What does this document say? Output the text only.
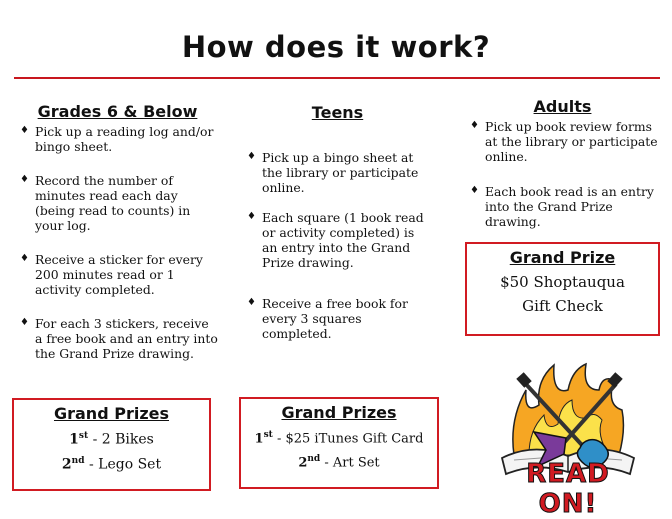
How does it work?
Grades 6 & Below
♦ Pick up a reading log and/or bingo sheet.
♦ Record the number of minutes read each day (being read to counts) in your log.
♦ Receive a sticker for every 200 minutes read or 1 activity completed.
♦ For each 3 stickers, receive a free book and an entry into the Grand Prize drawing.
Teens
♦ Pick up a bingo sheet at the library or participate online.
♦ Each square (1 book read or activity completed) is an entry into the Grand Prize drawing.
♦ Receive a free book for every 3 squares completed.
Adults
♦ Pick up book review forms at the library or participate online.
♦ Each book read is an entry into the Grand Prize drawing.
Grand Prizes
1st - 2 Bikes
2nd - Lego Set
Grand Prizes
1st - $25 iTunes Gift Card
2nd - Art Set
Grand Prize
$50 Shoptauqua
Gift Check
READ ON!
